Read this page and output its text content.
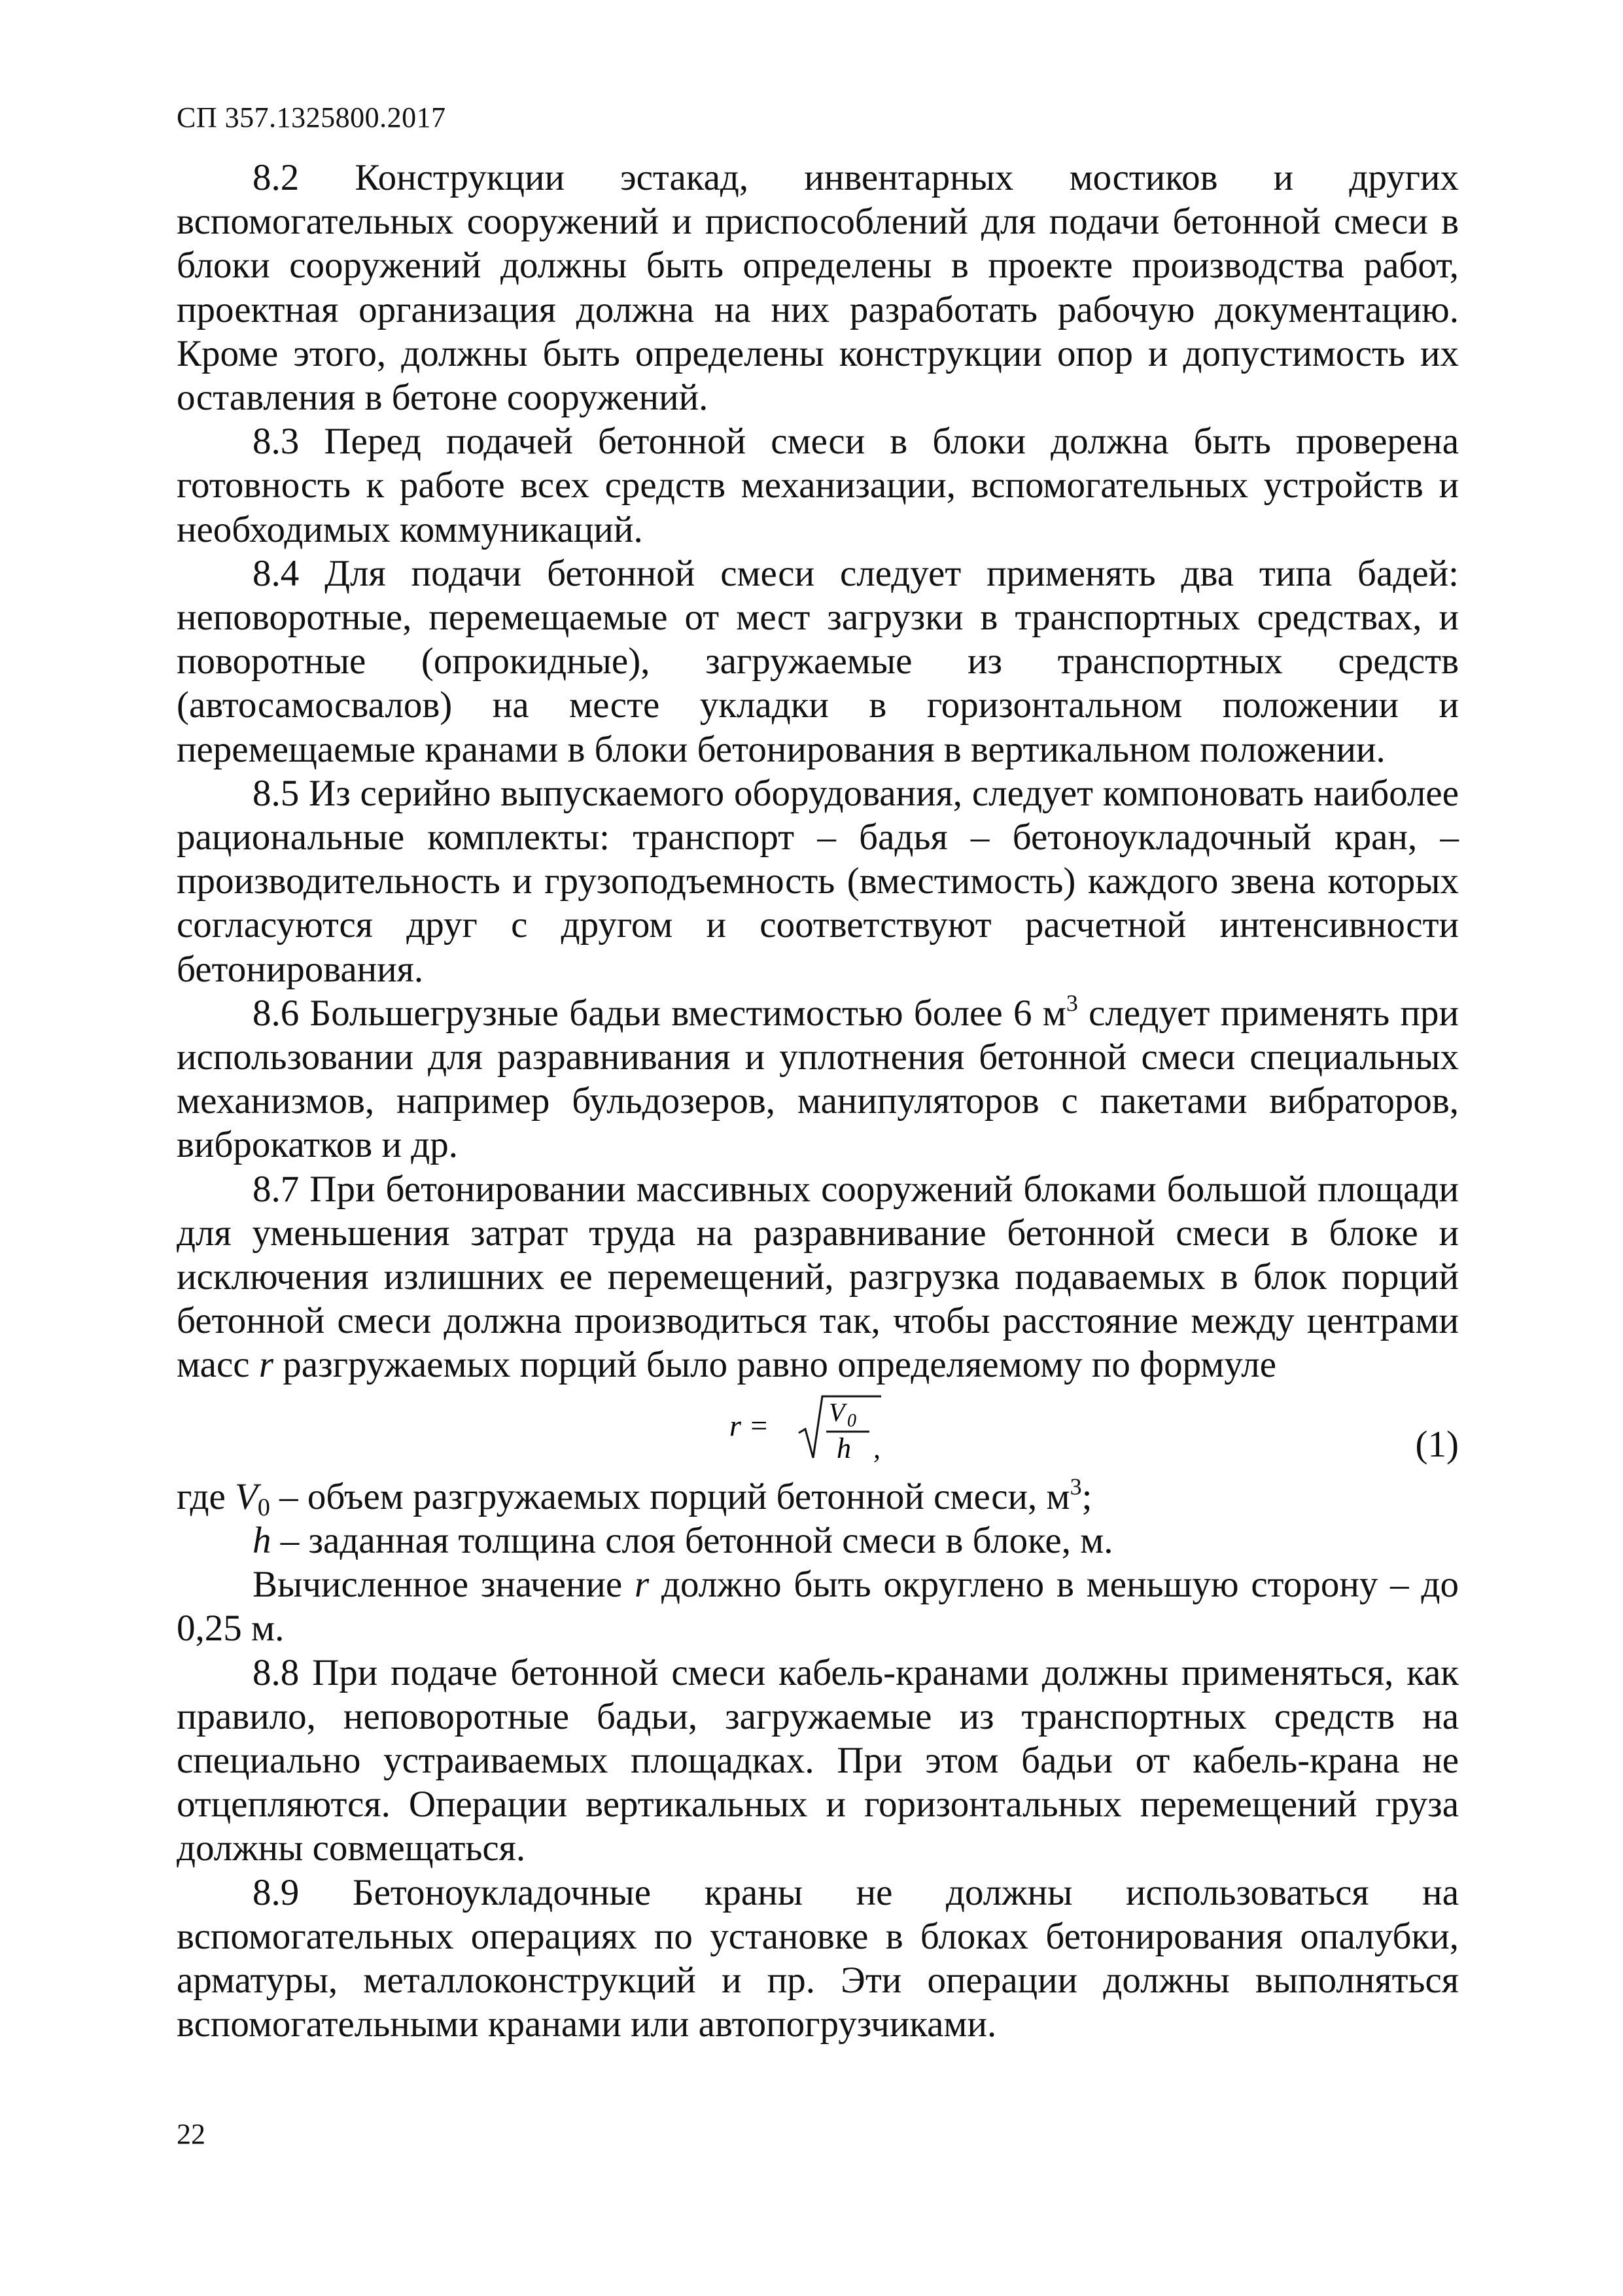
СП 357.1325800.2017

8.2 Конструкции эстакад, инвентарных мостиков и других вспомогательных сооружений и приспособлений для подачи бетонной смеси в блоки сооружений должны быть определены в проекте производства работ, проектная организация должна на них разработать рабочую документацию. Кроме этого, должны быть определены конструкции опор и допустимость их оставления в бетоне сооружений.

8.3 Перед подачей бетонной смеси в блоки должна быть проверена готовность к работе всех средств механизации, вспомогательных устройств и необходимых коммуникаций.

8.4 Для подачи бетонной смеси следует применять два типа бадей: неповоротные, перемещаемые от мест загрузки в транспортных средствах, и поворотные (опрокидные), загружаемые из транспортных средств (автосамосвалов) на месте укладки в горизонтальном положении и перемещаемые кранами в блоки бетонирования в вертикальном положении.

8.5 Из серийно выпускаемого оборудования, следует компоновать наиболее рациональные комплекты: транспорт – бадья – бетоноукладочный кран, – производительность и грузоподъемность (вместимость) каждого звена которых согласуются друг с другом и соответствуют расчетной интенсивности бетонирования.

8.6 Большегрузные бадьи вместимостью более 6 $м^3$ следует применять при использовании для разравнивания и уплотнения бетонной смеси специальных механизмов, например бульдозеров, манипуляторов с пакетами вибраторов, виброкатков и др.

8.7 При бетонировании массивных сооружений блоками большой площади для уменьшения затрат труда на разравнивание бетонной смеси в блоке и исключения излишних ее перемещений, разгрузка подаваемых в блок порций бетонной смеси должна производиться так, чтобы расстояние между центрами масс r разгружаемых порций было равно определяемому по формуле

r = V 0
h ,	(1)

где $V_0$ – объем разгружаемых порций бетонной смеси, $м^3$;

h – заданная толщина слоя бетонной смеси в блоке, м.

Вычисленное значение r должно быть округлено в меньшую сторону – до 0,25 м.

8.8 При подаче бетонной смеси кабель-кранами должны применяться, как правило, неповоротные бадьи, загружаемые из транспортных средств на специально устраиваемых площадках. При этом бадьи от кабель-крана не отцепляются. Операции вертикальных и горизонтальных перемещений груза должны совмещаться.

8.9 Бетоноукладочные краны не должны использоваться на вспомогательных операциях по установке в блоках бетонирования опалубки, арматуры, металлоконструкций и пр. Эти операции должны выполняться вспомогательными кранами или автопогрузчиками.

22
